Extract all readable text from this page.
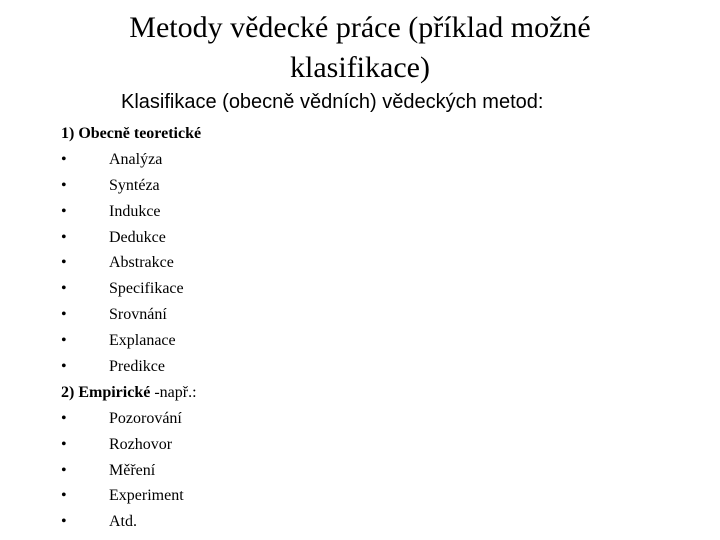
Metody vědecké práce (příklad možné
klasifikace)
Klasifikace (obecně vědních) vědeckých metod:
1) Obecně teoretické
•	Analýza
•	Syntéza
•	Indukce
•	Dedukce
•	Abstrakce
•	Specifikace
•	Srovnání
•	Explanace
•	Predikce
2) Empirické -např.:
•	Pozorování
•	Rozhovor
•	Měření
•	Experiment
•	Atd.
